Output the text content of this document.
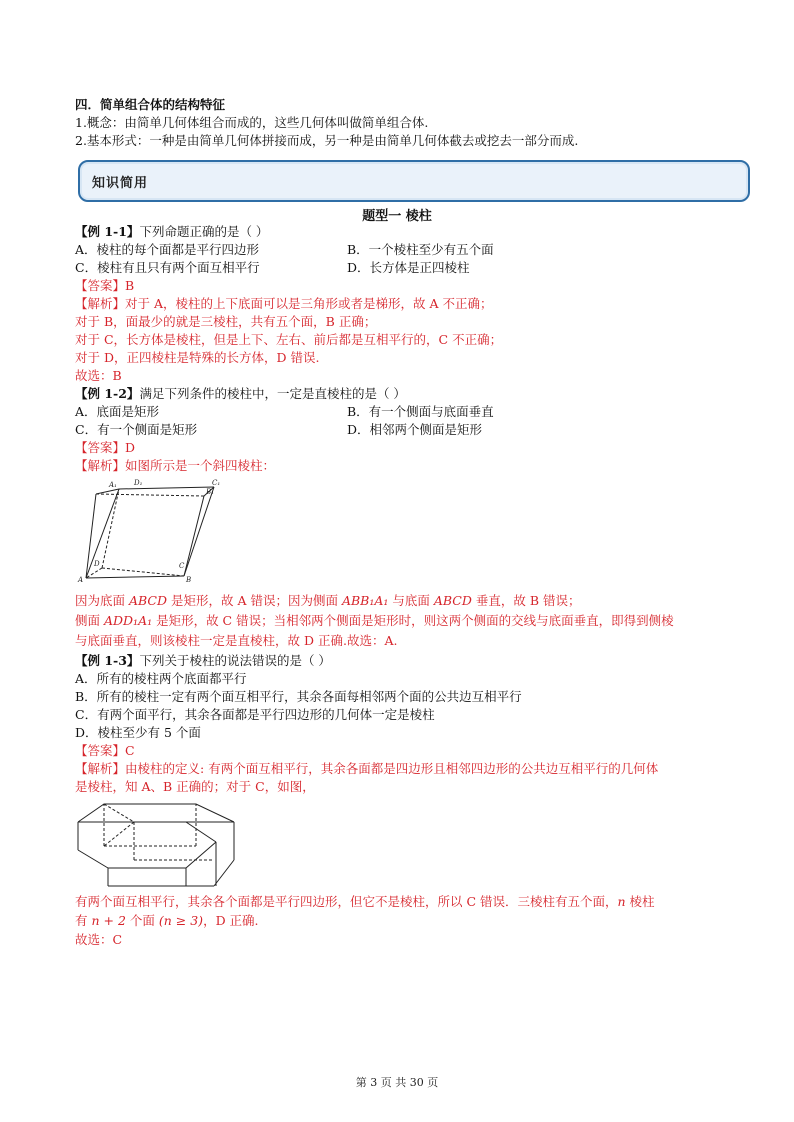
四．简单组合体的结构特征
1.概念：由简单几何体组合而成的，这些几何体叫做简单组合体.
2.基本形式：一种是由简单几何体拼接而成，另一种是由简单几何体截去或挖去一部分而成.
知识简用
题型一 棱柱
【例 1-1】下列命题正确的是（ ）
A．棱柱的每个面都是平行四边形	B．一个棱柱至少有五个面
C．棱柱有且只有两个面互相平行	D．长方体是正四棱柱
【答案】B
【解析】对于 A，棱柱的上下底面可以是三角形或者是梯形，故 A 不正确；
对于 B，面最少的就是三棱柱，共有五个面，B 正确；
对于 C，长方体是棱柱，但是上下、左右、前后都是互相平行的，C 不正确；
对于 D，正四棱柱是特殊的长方体，D 错误.
故选：B
【例 1-2】满足下列条件的棱柱中，一定是直棱柱的是（ ）
A．底面是矩形	B．有一个侧面与底面垂直
C．有一个侧面是矩形	D．相邻两个侧面是矩形
【答案】D
【解析】如图所示是一个斜四棱柱：
A₁ D₁	C₁
B₁
D	C
A	B
因为底面 ABCD 是矩形，故 A 错误；因为侧面 ABB₁A₁ 与底面 ABCD 垂直，故 B 错误；
侧面 ADD₁A₁ 是矩形，故 C 错误；当相邻两个侧面是矩形时，则这两个侧面的交线与底面垂直，即得到侧棱
与底面垂直，则该棱柱一定是直棱柱，故 D 正确.故选：A.
【例 1-3】下列关于棱柱的说法错误的是（ ）
A．所有的棱柱两个底面都平行
B．所有的棱柱一定有两个面互相平行，其余各面每相邻两个面的公共边互相平行
C．有两个面平行，其余各面都是平行四边形的几何体一定是棱柱
D．棱柱至少有 5 个面
【答案】C
【解析】由棱柱的定义: 有两个面互相平行，其余各面都是四边形且相邻四边形的公共边互相平行的几何体
是棱柱，知 A、B 正确的；对于 C，如图，
有两个面互相平行，其余各个面都是平行四边形，但它不是棱柱，所以 C 错误．三棱柱有五个面，n 棱柱
有 n + 2 个面 (n ≥ 3)，D 正确.
故选：C
第 3 页 共 30 页
